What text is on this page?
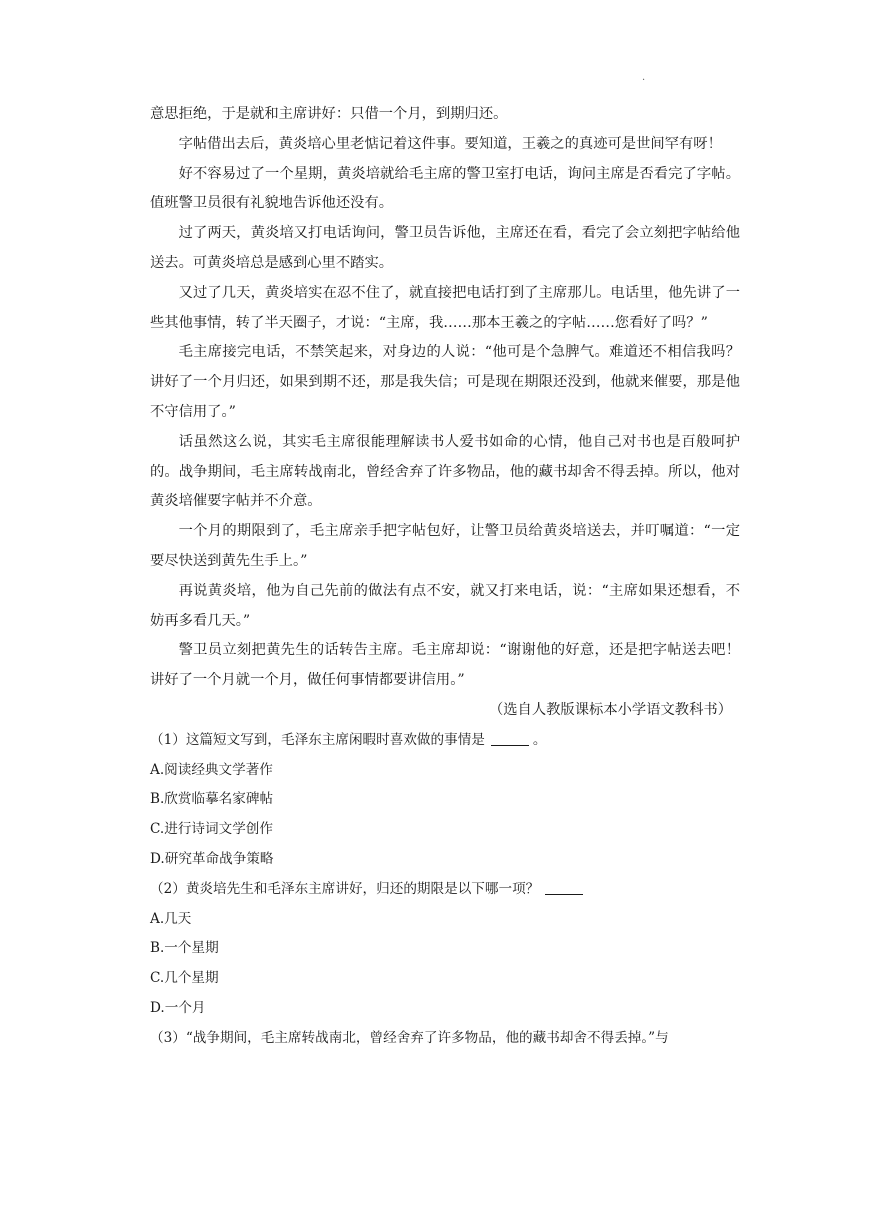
·

意思拒绝，于是就和主席讲好：只借一个月，到期归还。

字帖借出去后，黄炎培心里老惦记着这件事。要知道，王羲之的真迹可是世间罕有呀！

好不容易过了一个星期，黄炎培就给毛主席的警卫室打电话，询问主席是否看完了字帖。值班警卫员很有礼貌地告诉他还没有。

过了两天，黄炎培又打电话询问，警卫员告诉他，主席还在看，看完了会立刻把字帖给他送去。可黄炎培总是感到心里不踏实。

又过了几天，黄炎培实在忍不住了，就直接把电话打到了主席那儿。电话里，他先讲了一些其他事情，转了半天圈子，才说：“主席，我……那本王羲之的字帖……您看好了吗？”

毛主席接完电话，不禁笑起来，对身边的人说：“他可是个急脾气。难道还不相信我吗？讲好了一个月归还，如果到期不还，那是我失信；可是现在期限还没到，他就来催要，那是他不守信用了。”

话虽然这么说，其实毛主席很能理解读书人爱书如命的心情，他自己对书也是百般呵护的。战争期间，毛主席转战南北，曾经舍弃了许多物品，他的藏书却舍不得丢掉。所以，他对黄炎培催要字帖并不介意。

一个月的期限到了，毛主席亲手把字帖包好，让警卫员给黄炎培送去，并叮嘱道：“一定要尽快送到黄先生手上。”

再说黄炎培，他为自己先前的做法有点不安，就又打来电话，说：“主席如果还想看，不妨再多看几天。”

警卫员立刻把黄先生的话转告主席。毛主席却说：“谢谢他的好意，还是把字帖送去吧！讲好了一个月就一个月，做任何事情都要讲信用。”

（选自人教版课标本小学语文教科书）

（1）这篇短文写到，毛泽东主席闲暇时喜欢做的事情是	。

A.阅读经典文学著作

B.欣赏临摹名家碑帖

C.进行诗词文学创作

D.研究革命战争策略

（2）黄炎培先生和毛泽东主席讲好，归还的期限是以下哪一项？

A.几天

B.一个星期

C.几个星期

D.一个月

（3）“战争期间，毛主席转战南北，曾经舍弃了许多物品，他的藏书却舍不得丢掉。”与
